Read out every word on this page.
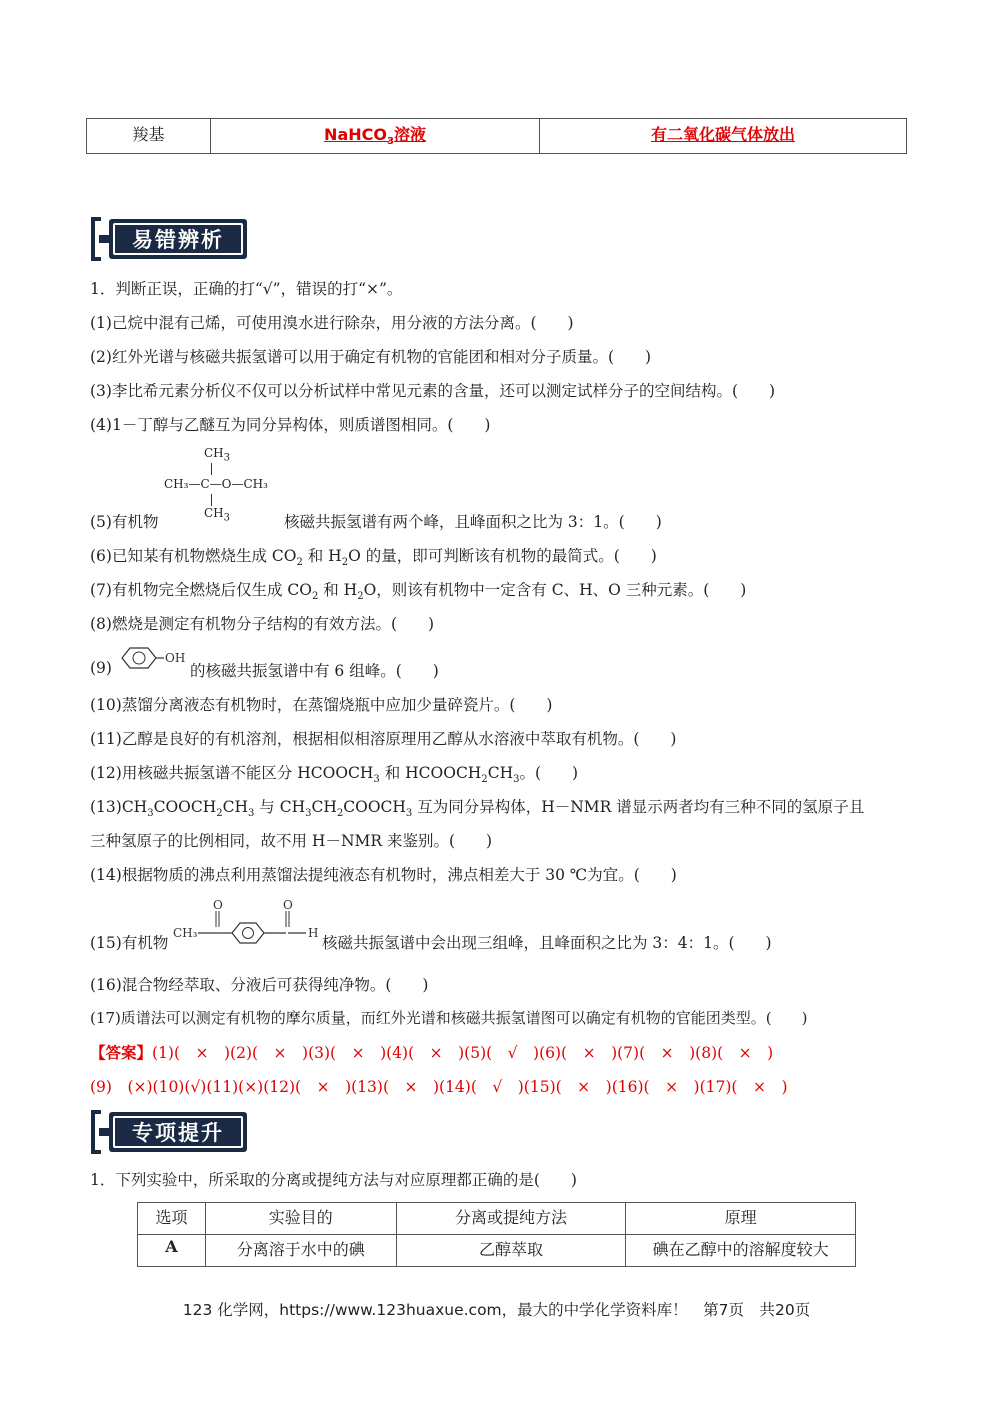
羧基	NaHCO$_3$溶液	有二氧化碳气体放出
易错辨析
1．判断正误，正确的打“√”，错误的打“×”。
(1)己烷中混有己烯，可使用溴水进行除杂，用分液的方法分离。(　　)
(2)红外光谱与核磁共振氢谱可以用于确定有机物的官能团和相对分子质量。(　　)
(3)李比希元素分析仪不仅可以分析试样中常见元素的含量，还可以测定试样分子的空间结构。(　　)
(4)1－丁醇与乙醚互为同分异构体，则质谱图相同。(　　)
$CH_3$
CH₃—C—O—CH₃
$CH_3$
(5)有机物	核磁共振氢谱有两个峰，且峰面积之比为 3：1。(　　)
(6)已知某有机物燃烧生成 $CO_2$ 和 $H_2O$ 的量，即可判断该有机物的最简式。(　　)
(7)有机物完全燃烧后仅生成 $CO_2$ 和 $H_2O$，则该有机物中一定含有 C、H、O 三种元素。(　　)
(8)燃烧是测定有机物分子结构的有效方法。(　　)
(9)
OH
的核磁共振氢谱中有 6 组峰。(　　)
(10)蒸馏分离液态有机物时，在蒸馏烧瓶中应加少量碎瓷片。(　　)
(11)乙醇是良好的有机溶剂，根据相似相溶原理用乙醇从水溶液中萃取有机物。(　　)
(12)用核磁共振氢谱不能区分 $HCOOCH_3$ 和 $HCOOCH_2CH_3$。(　　)
$(13)CH_3COOCH_2CH_3$ 与 $CH_3CH_2COOCH_3$ 互为同分异构体，H－NMR 谱显示两者均有三种不同的氢原子且
三种氢原子的比例相同，故不用 H－NMR 来鉴别。(　　)
(14)根据物质的沸点利用蒸馏法提纯液态有机物时，沸点相差大于 30 ℃为宜。(　　)
(15)有机物
CH₃
O	O
H
核磁共振氢谱中会出现三组峰，且峰面积之比为 3：4：1。(　　)
(16)混合物经萃取、分液后可获得纯净物。(　　)
(17)质谱法可以测定有机物的摩尔质量，而红外光谱和核磁共振氢谱图可以确定有机物的官能团类型。(　　)
【答案】(1)(　×　)(2)(　×　)(3)(　×　)(4)(　×　)(5)(　√　)(6)(　×　)(7)(　×　)(8)(　×　)
(9)　(×)(10)(√)(11)(×)(12)(　×　)(13)(　×　)(14)(　√　)(15)(　×　)(16)(　×　)(17)(　×　)
专项提升
1．下列实验中，所采取的分离或提纯方法与对应原理都正确的是(　　)
选项	实验目的	分离或提纯方法	原理
A	分离溶于水中的碘	乙醇萃取	碘在乙醇中的溶解度较大
123 化学网，https://www.123huaxue.com，最大的中学化学资料库！　第7页　共20页
